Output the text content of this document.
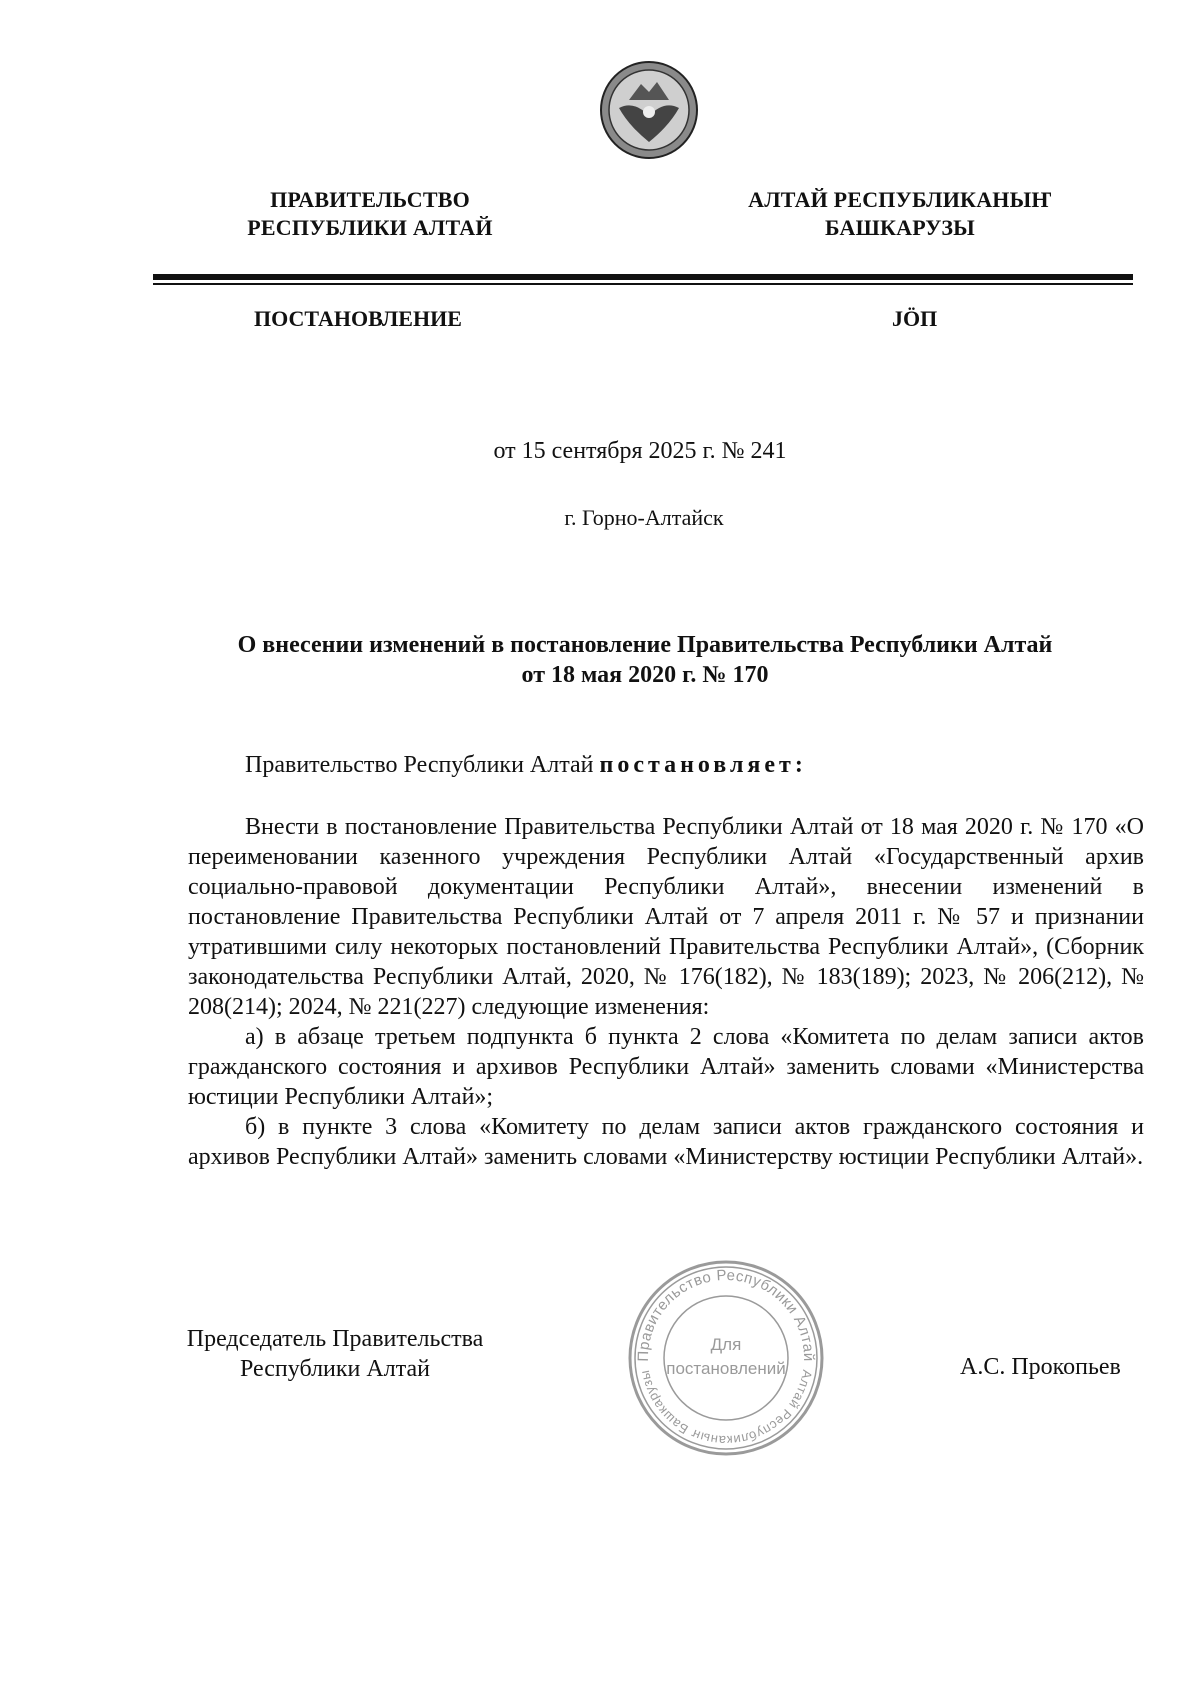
ПРАВИТЕЛЬСТВО
РЕСПУБЛИКИ АЛТАЙ
АЛТАЙ РЕСПУБЛИКАНЫҤ
БАШКАРУЗЫ
ПОСТАНОВЛЕНИЕ	ЈӦП
от 15 сентября 2025 г. № 241
г. Горно-Алтайск
О внесении изменений в постановление Правительства Республики Алтай
от 18 мая 2020 г. № 170
Правительство Республики Алтай постановляет:

Внести в постановление Правительства Республики Алтай от 18 мая 2020 г. № 170 «О переименовании казенного учреждения Республики Алтай «Государственный архив социально-правовой документации Республики Алтай», внесении изменений в постановление Правительства Республики Алтай от 7 апреля 2011 г. № 57 и признании утратившими силу некоторых постановлений Правительства Республики Алтай», (Сборник законодательства Республики Алтай, 2020, № 176(182), № 183(189); 2023, № 206(212), № 208(214); 2024, № 221(227) следующие изменения:

а) в абзаце третьем подпункта б пункта 2 слова «Комитета по делам записи актов гражданского состояния и архивов Республики Алтай» заменить словами «Министерства юстиции Республики Алтай»;

б) в пункте 3 слова «Комитету по делам записи актов гражданского состояния и архивов Республики Алтай» заменить словами «Министерству юстиции Республики Алтай».

Председатель Правительства
Республики Алтай	Правительство Республики Алтай
Алтай Республиканыҥ Башкарузы
Для
постановлений	А.С. Прокопьев
